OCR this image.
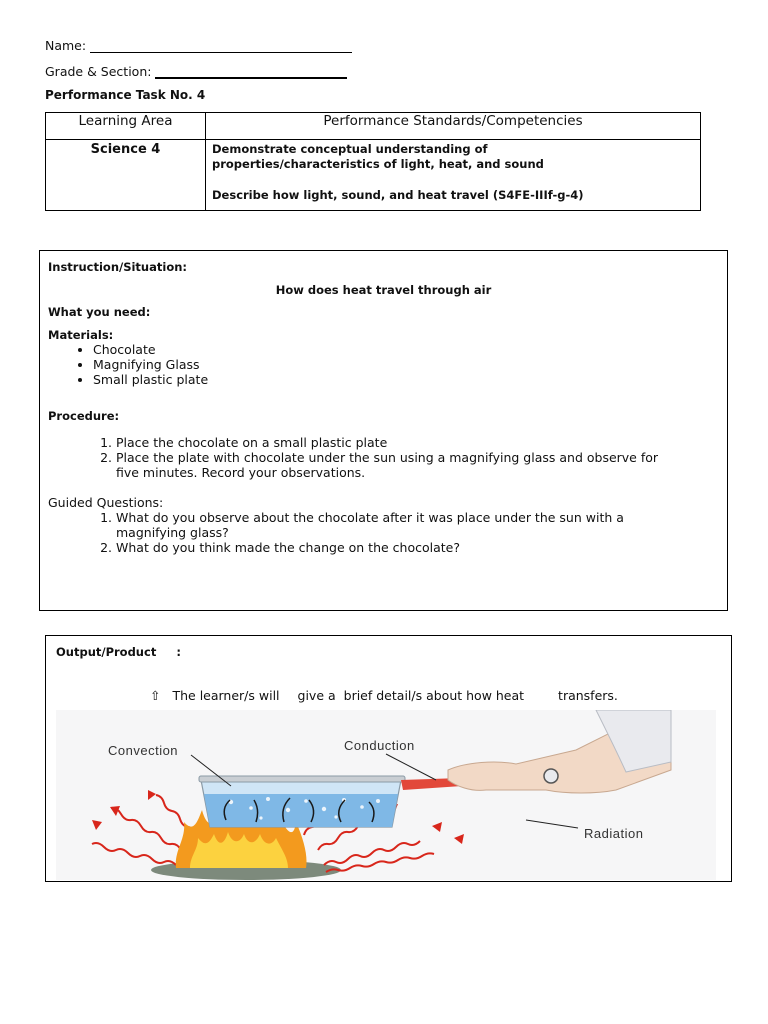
Name:
Grade & Section:
Performance Task No. 4
Learning Area	Performance Standards/Competencies
Science 4	Demonstrate conceptual understanding of properties/characteristics of light, heat, and sound
Describe how light, sound, and heat travel (S4FE-IIIf-g-4)
Instruction/Situation:
How does heat travel through air
What you need:
Materials:
• Chocolate
• Magnifying Glass
• Small plastic plate
Procedure:
1. Place the chocolate on a small plastic plate
2. Place the plate with chocolate under the sun using a magnifying glass and observe for five minutes. Record your observations.
Guided Questions:
1. What do you observe about the chocolate after it was place under the sun with a magnifying glass?
2. What do you think made the change on the chocolate?
Output/Product :
⇧ The learner/s will give a brief detail/s about how heat	transfers.
Convection	Conduction
Radiation
